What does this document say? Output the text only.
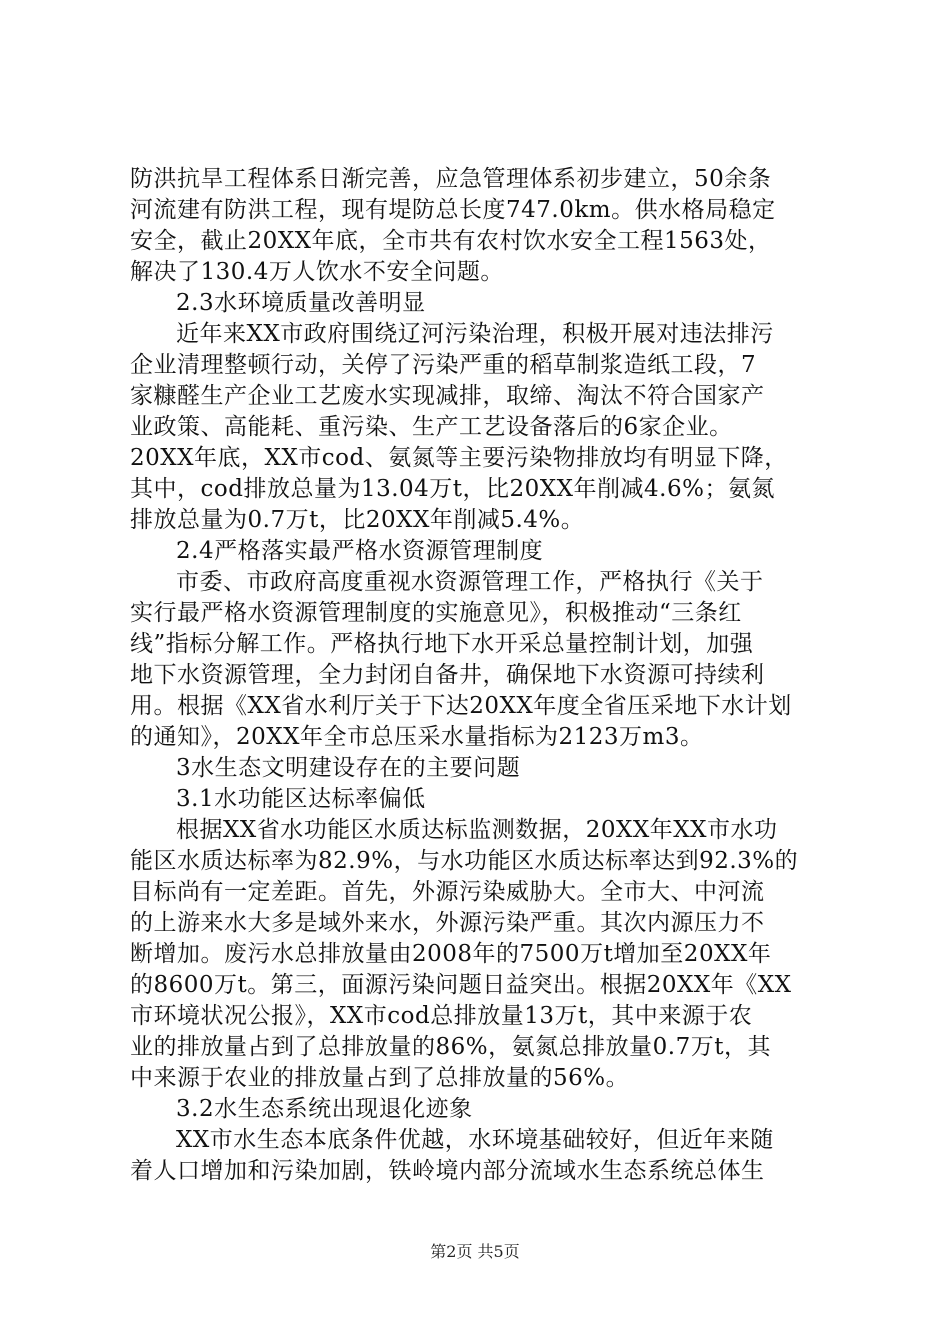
防洪抗旱工程体系日渐完善，应急管理体系初步建立，50余条
河流建有防洪工程，现有堤防总长度747.0km。供水格局稳定
安全，截止20XX年底，全市共有农村饮水安全工程1563处，
解决了130.4万人饮水不安全问题。
2.3水环境质量改善明显
近年来XX市政府围绕辽河污染治理，积极开展对违法排污
企业清理整顿行动，关停了污染严重的稻草制浆造纸工段，7
家糠醛生产企业工艺废水实现减排，取缔、淘汰不符合国家产
业政策、高能耗、重污染、生产工艺设备落后的6家企业。
20XX年底，XX市cod、氨氮等主要污染物排放均有明显下降，
其中，cod排放总量为13.04万t，比20XX年削减4.6%；氨氮
排放总量为0.7万t，比20XX年削减5.4%。
2.4严格落实最严格水资源管理制度
市委、市政府高度重视水资源管理工作，严格执行《关于
实行最严格水资源管理制度的实施意见》，积极推动“三条红
线”指标分解工作。严格执行地下水开采总量控制计划，加强
地下水资源管理，全力封闭自备井，确保地下水资源可持续利
用。根据《XX省水利厅关于下达20XX年度全省压采地下水计划
的通知》，20XX年全市总压采水量指标为2123万m3。
3水生态文明建设存在的主要问题
3.1水功能区达标率偏低
根据XX省水功能区水质达标监测数据，20XX年XX市水功
能区水质达标率为82.9%，与水功能区水质达标率达到92.3%的
目标尚有一定差距。首先，外源污染威胁大。全市大、中河流
的上游来水大多是域外来水，外源污染严重。其次内源压力不
断增加。废污水总排放量由2008年的7500万t增加至20XX年
的8600万t。第三，面源污染问题日益突出。根据20XX年《XX
市环境状况公报》，XX市cod总排放量13万t，其中来源于农
业的排放量占到了总排放量的86%，氨氮总排放量0.7万t，其
中来源于农业的排放量占到了总排放量的56%。
3.2水生态系统出现退化迹象
XX市水生态本底条件优越，水环境基础较好，但近年来随
着人口增加和污染加剧，铁岭境内部分流域水生态系统总体生
第2页 共5页
